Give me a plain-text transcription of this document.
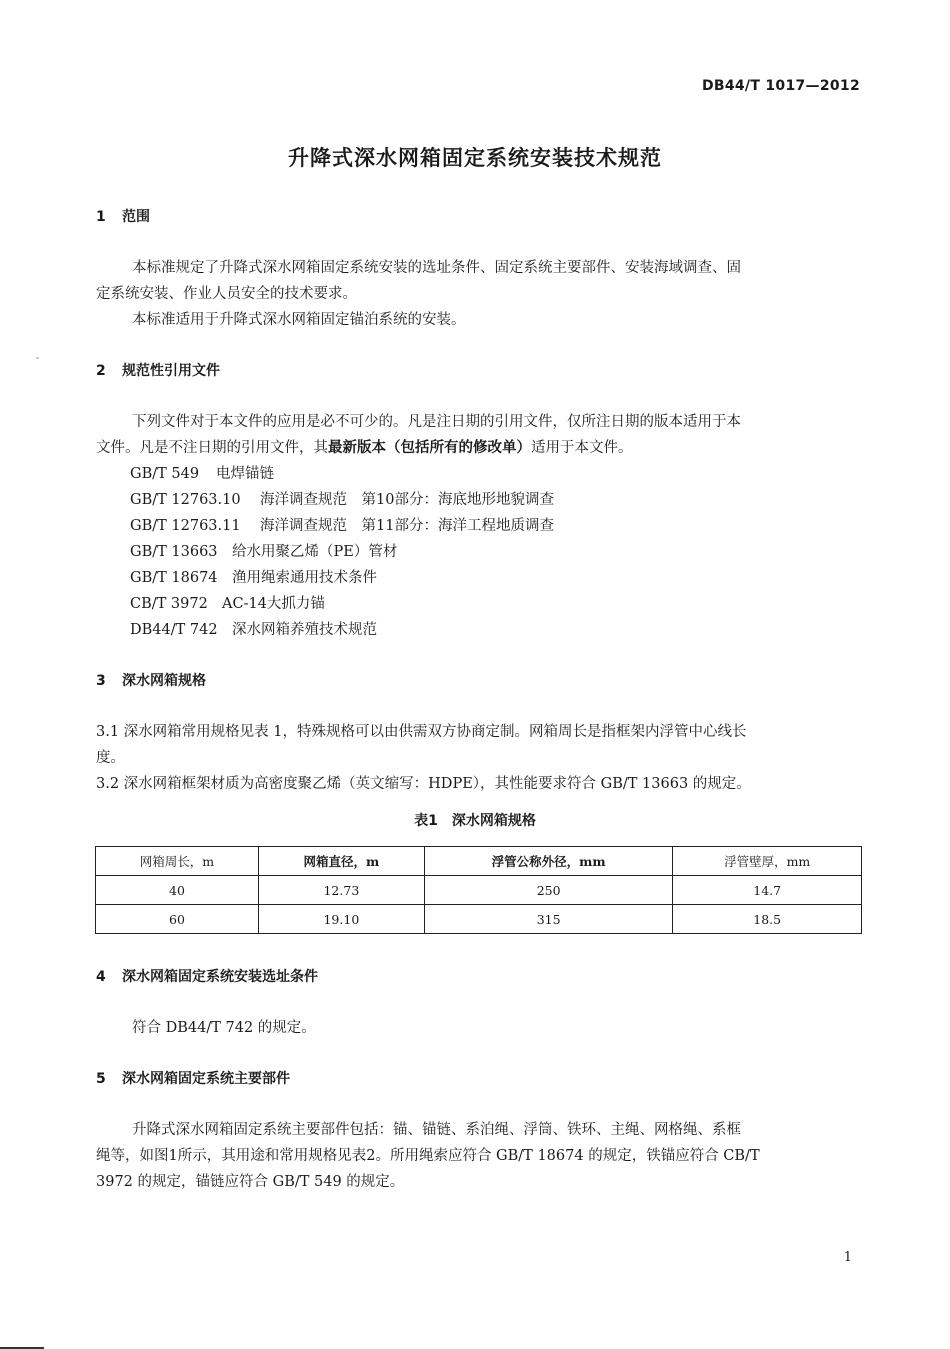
DB44/T 1017—2012
升降式深水网箱固定系统安装技术规范
1 范围
本标准规定了升降式深水网箱固定系统安装的选址条件、固定系统主要部件、安装海域调查、固
定系统安装、作业人员安全的技术要求。
本标准适用于升降式深水网箱固定锚泊系统的安装。
2 规范性引用文件
下列文件对于本文件的应用是必不可少的。凡是注日期的引用文件，仅所注日期的版本适用于本
文件。凡是不注日期的引用文件，其最新版本（包括所有的修改单）适用于本文件。
GB/T 549 电焊锚链
GB/T 12763.10 海洋调查规范　第10部分：海底地形地貌调查
GB/T 12763.11 海洋调查规范　第11部分：海洋工程地质调查
GB/T 13663 给水用聚乙烯（PE）管材
GB/T 18674 渔用绳索通用技术条件
CB/T 3972 AC-14大抓力锚
DB44/T 742 深水网箱养殖技术规范
3 深水网箱规格
3.1 深水网箱常用规格见表 1，特殊规格可以由供需双方协商定制。网箱周长是指框架内浮管中心线长
度。
3.2 深水网箱框架材质为高密度聚乙烯（英文缩写：HDPE），其性能要求符合 GB/T 13663 的规定。
表1　深水网箱规格
网箱周长，m	网箱直径，m	浮管公称外径，mm	浮管壁厚，mm
40	12.73	250	14.7
60	19.10	315	18.5
4 深水网箱固定系统安装选址条件
符合 DB44/T 742 的规定。
5 深水网箱固定系统主要部件
升降式深水网箱固定系统主要部件包括：锚、锚链、系泊绳、浮筒、铁环、主绳、网格绳、系框
绳等，如图1所示，其用途和常用规格见表2。所用绳索应符合 GB/T 18674 的规定，铁锚应符合 CB/T
3972 的规定，锚链应符合 GB/T 549 的规定。
1
